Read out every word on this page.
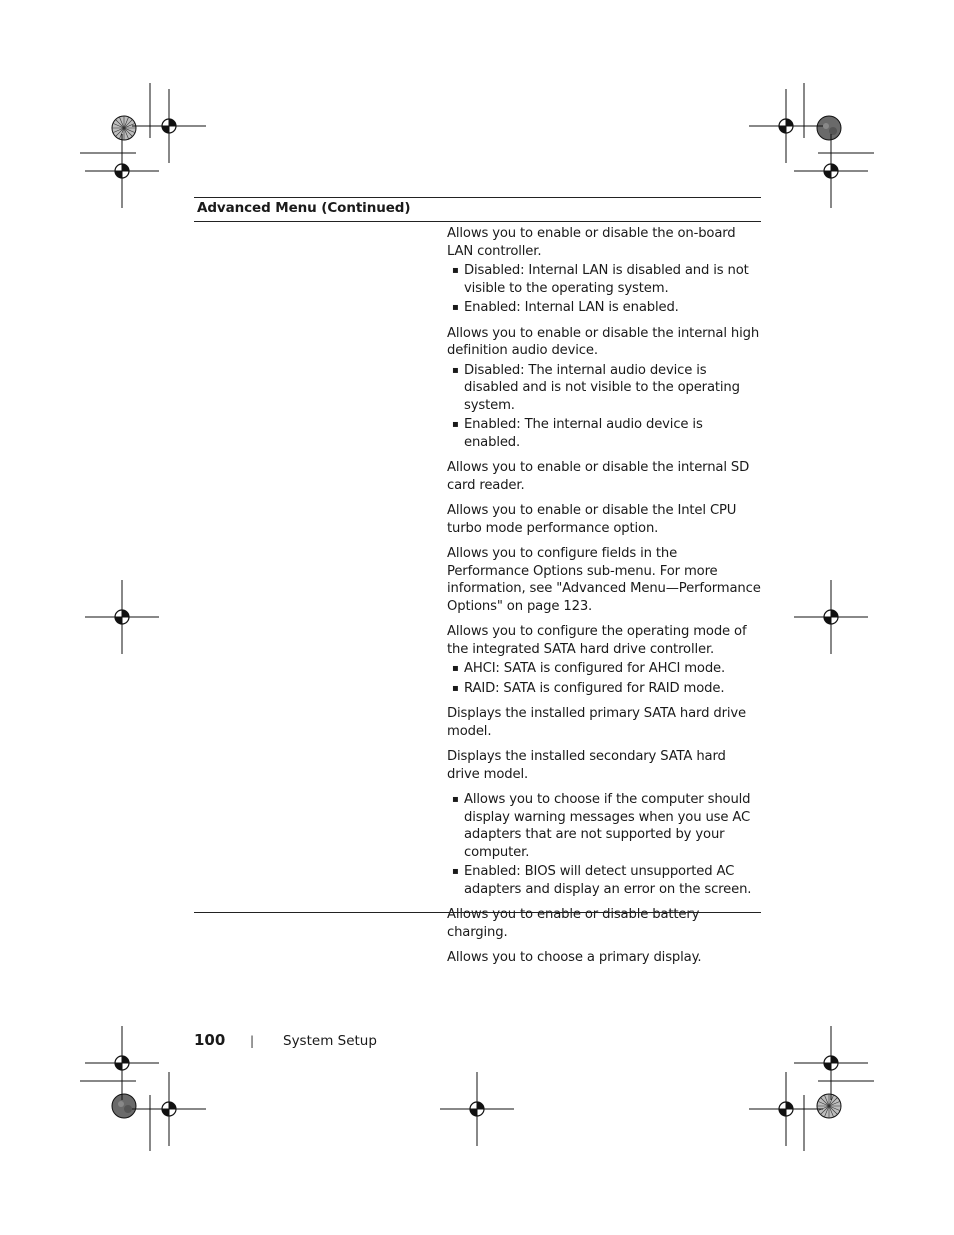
Advanced Menu (Continued)

Allows you to enable or disable the on-board LAN controller.

▪ Disabled: Internal LAN is disabled and is not visible to the operating system.
▪ Enabled: Internal LAN is enabled.

Allows you to enable or disable the internal high definition audio device.

▪ Disabled: The internal audio device is disabled and is not visible to the operating system.
▪ Enabled: The internal audio device is enabled.

Allows you to enable or disable the internal SD card reader.

Allows you to enable or disable the Intel CPU turbo mode performance option.

Allows you to configure fields in the Performance Options sub-menu. For more information, see "Advanced Menu—Performance Options" on page 123.

Allows you to configure the operating mode of the integrated SATA hard drive controller.

▪ AHCI: SATA is configured for AHCI mode.
▪ RAID: SATA is configured for RAID mode.

Displays the installed primary SATA hard drive model.

Displays the installed secondary SATA hard drive model.

▪ Allows you to choose if the computer should display warning messages when you use AC adapters that are not supported by your computer.
▪ Enabled: BIOS will detect unsupported AC adapters and display an error on the screen.

Allows you to enable or disable battery charging.

Allows you to choose a primary display.

100 | System Setup
